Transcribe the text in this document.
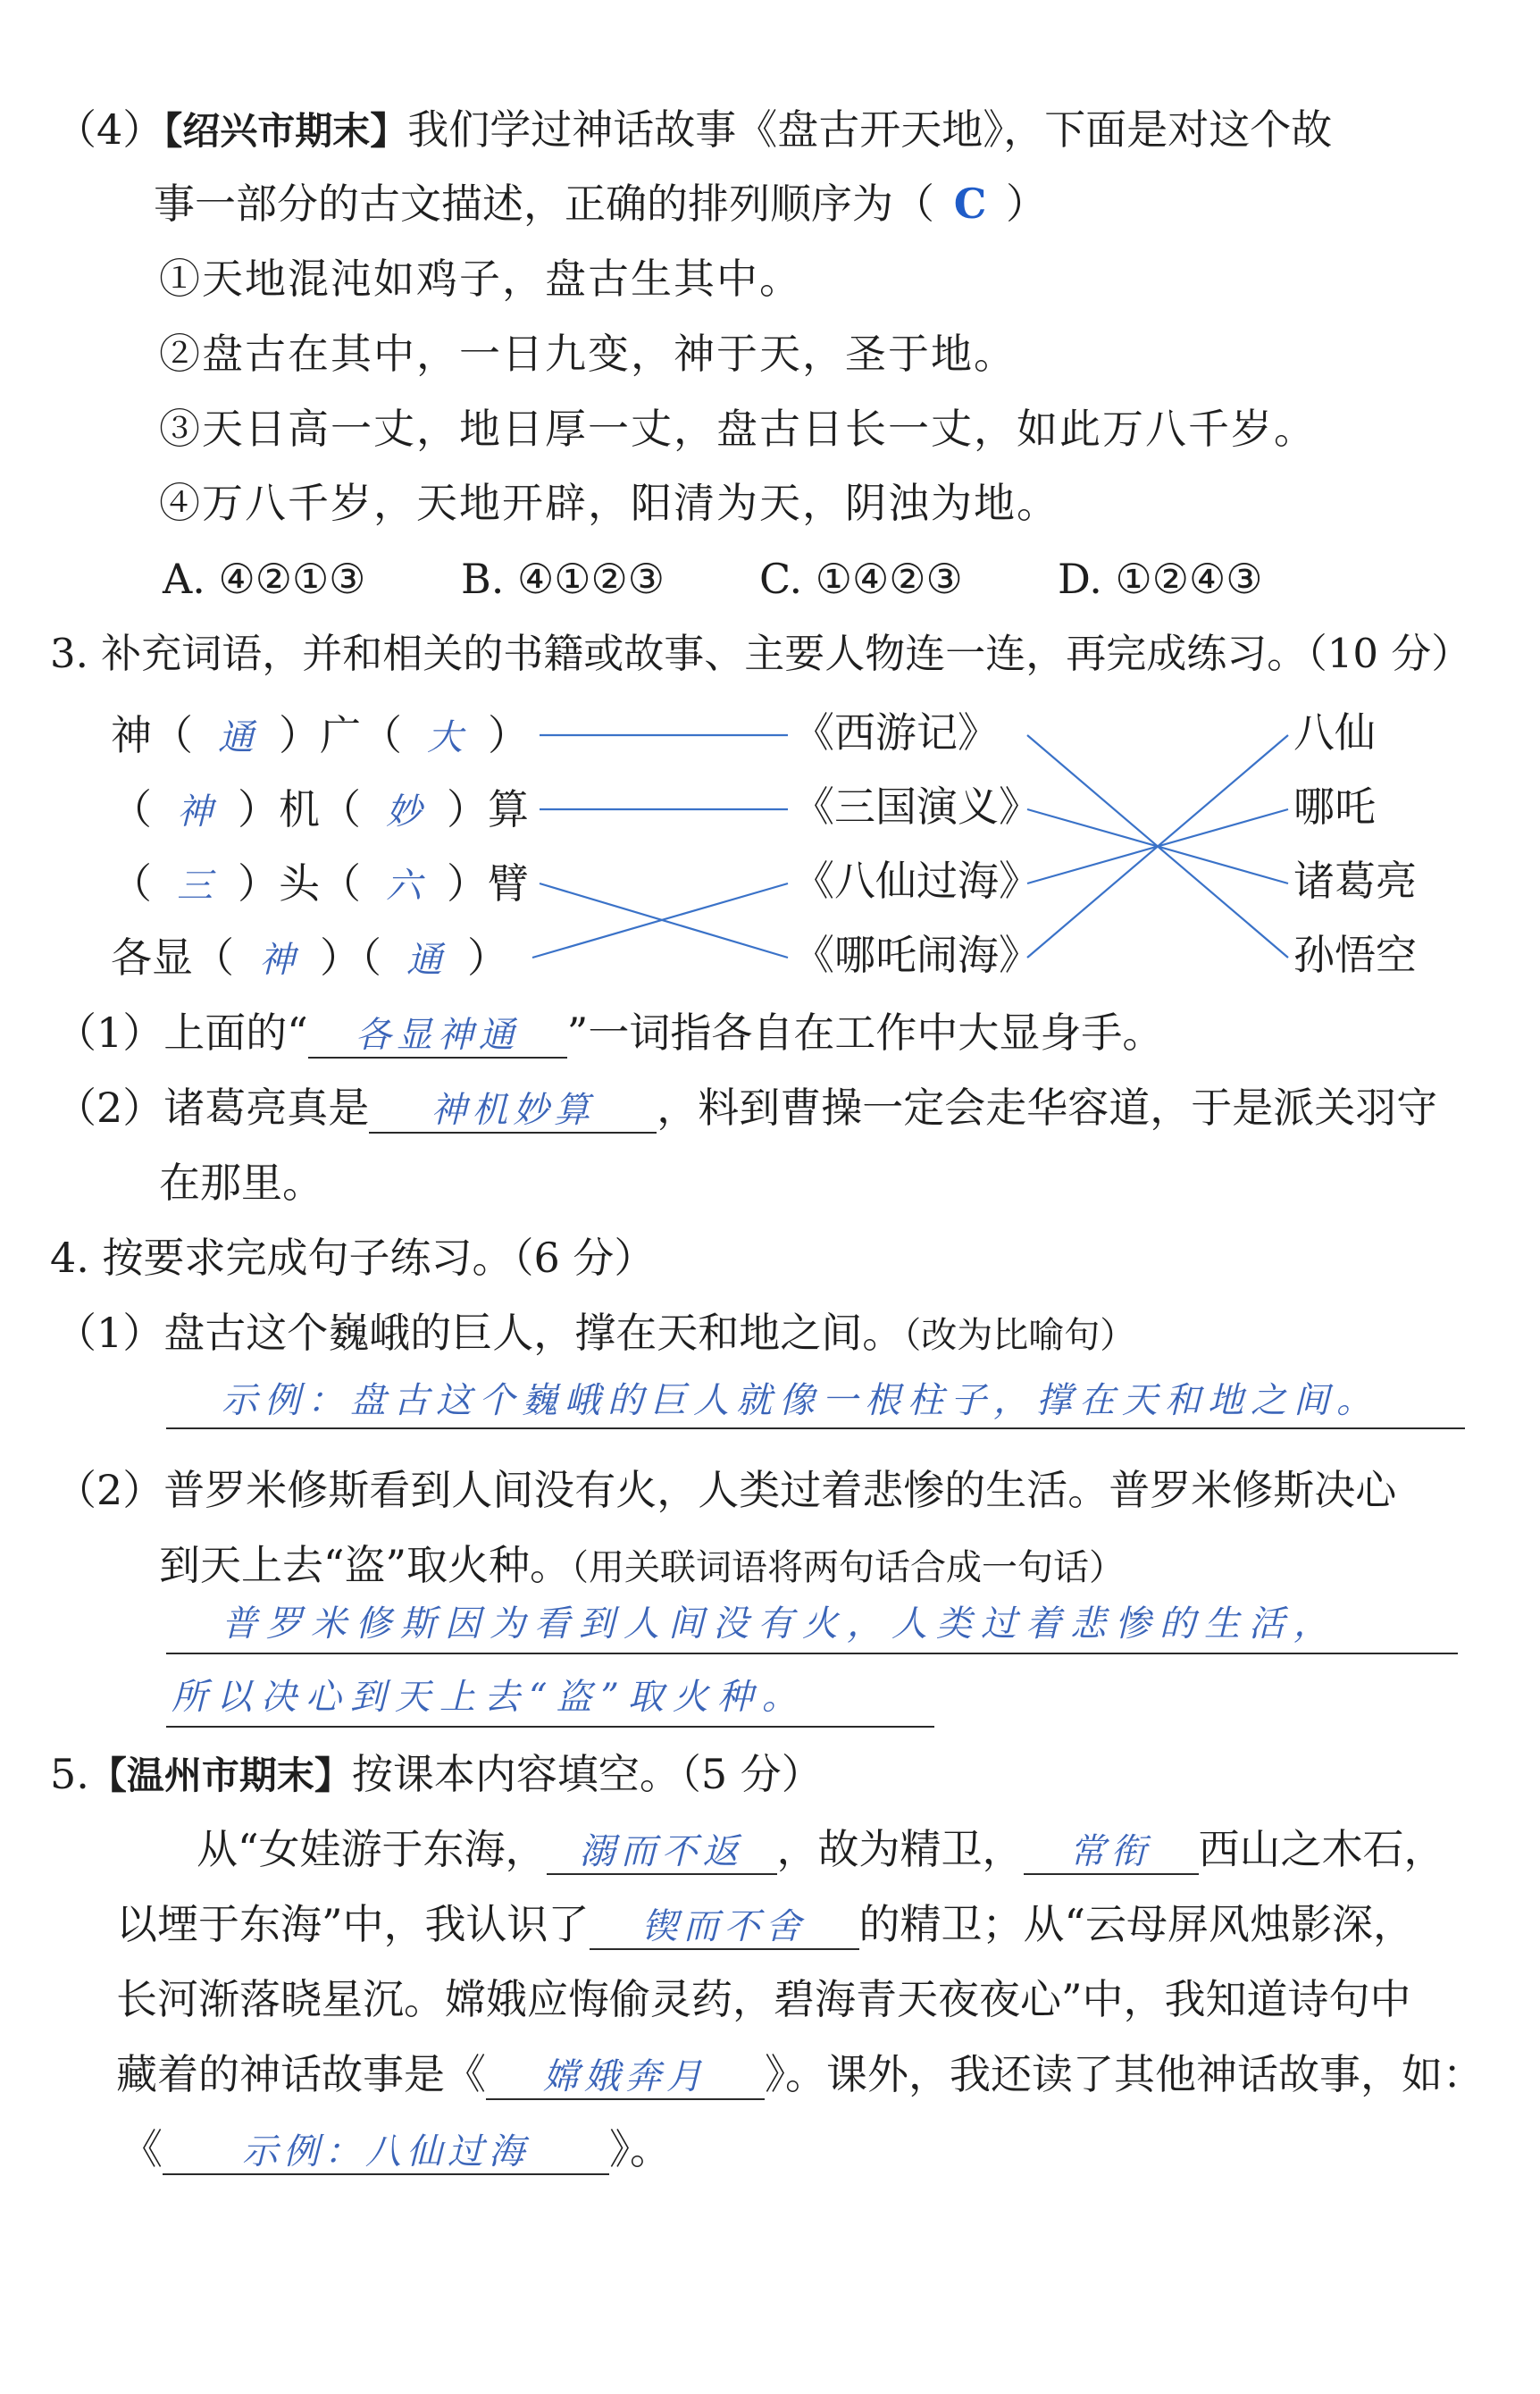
（4）【绍兴市期末】我们学过神话故事《盘古开天地》，下面是对这个故
事一部分的古文描述，正确的排列顺序为（ C ）
①天地混沌如鸡子，盘古生其中。
②盘古在其中，一日九变，神于天，圣于地。
③天日高一丈，地日厚一丈，盘古日长一丈，如此万八千岁。
④万八千岁，天地开辟，阳清为天，阴浊为地。
A. ④②①③ B. ④①②③ C. ①④②③ D. ①②④③
3. 补充词语，并和相关的书籍或故事、主要人物连一连，再完成练习。（10 分）
神（ 通 ）广（ 大 ）
（ 神 ）机（ 妙 ）算
（ 三 ）头（ 六 ）臂
各显（ 神 ）（ 通 ）
《西游记》
《三国演义》
《八仙过海》
《哪吒闹海》
八仙
哪吒
诸葛亮
孙悟空
（1）上面的“ 各显神通 ”一词指各自在工作中大显身手。
（2）诸葛亮真是 神机妙算 ，料到曹操一定会走华容道，于是派关羽守
在那里。
4. 按要求完成句子练习。（6 分）
（1）盘古这个巍峨的巨人，撑在天和地之间。（改为比喻句）
示例：盘古这个巍峨的巨人就像一根柱子，撑在天和地之间。
（2）普罗米修斯看到人间没有火，人类过着悲惨的生活。普罗米修斯决心
到天上去“盗”取火种。（用关联词语将两句话合成一句话）
普罗米修斯因为看到人间没有火，人类过着悲惨的生活，
所以决心到天上去“盗”取火种。
5.【温州市期末】按课本内容填空。（5 分）
从“女娃游于东海， 溺而不返 ，故为精卫， 常衔 西山之木石，
以堙于东海”中，我认识了 锲而不舍 的精卫；从“云母屏风烛影深，
长河渐落晓星沉。嫦娥应悔偷灵药，碧海青天夜夜心”中，我知道诗句中
藏着的神话故事是《 嫦娥奔月 》。课外，我还读了其他神话故事，如：
《 示例：八仙过海 》。
